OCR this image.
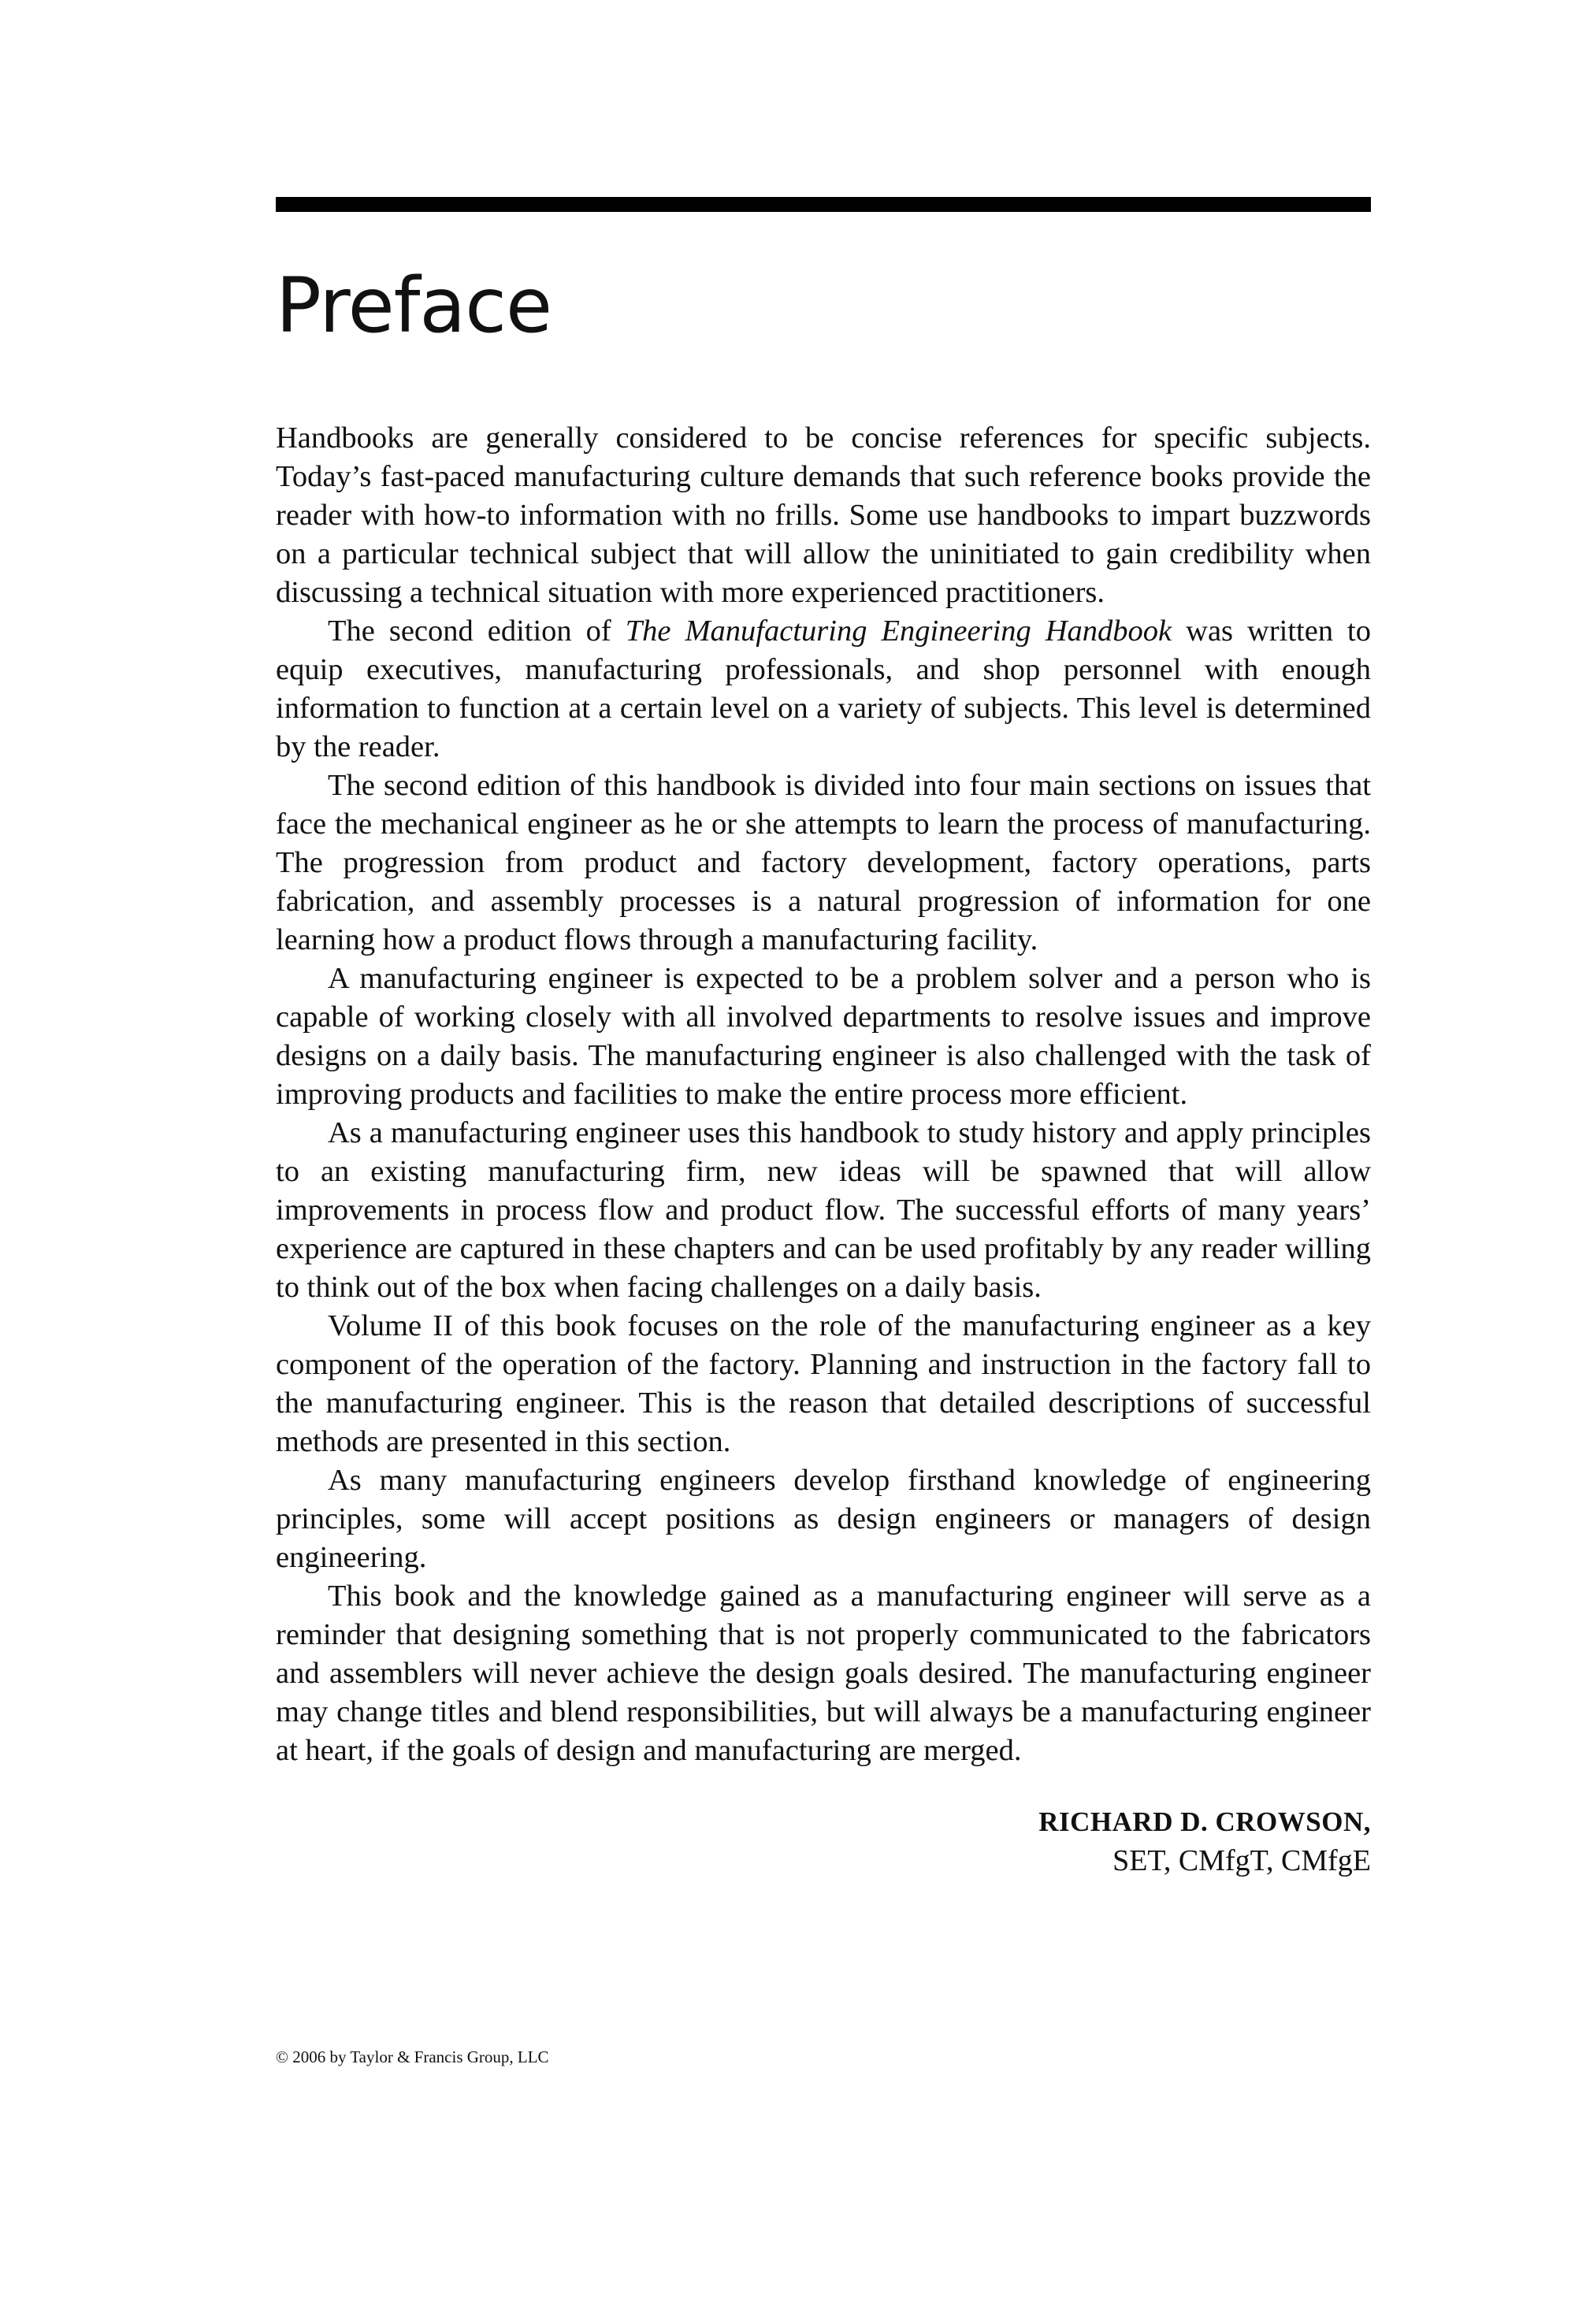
Preface

Handbooks are generally considered to be concise references for specific subjects. Today’s fast-paced manufacturing culture demands that such reference books provide the reader with how-to information with no frills. Some use handbooks to impart buzzwords on a particular technical subject that will allow the uninitiated to gain credibility when discussing a technical situation with more experienced practitioners.

The second edition of The Manufacturing Engineering Handbook was written to equip executives, manufacturing professionals, and shop personnel with enough information to function at a certain level on a variety of subjects. This level is determined by the reader.

The second edition of this handbook is divided into four main sections on issues that face the mechanical engineer as he or she attempts to learn the process of manufacturing. The progression from product and factory development, factory operations, parts fabrication, and assembly processes is a natural progression of information for one learning how a product flows through a manufacturing facility.

A manufacturing engineer is expected to be a problem solver and a person who is capable of working closely with all involved departments to resolve issues and improve designs on a daily basis. The manufacturing engineer is also challenged with the task of improving products and facilities to make the entire process more efficient.

As a manufacturing engineer uses this handbook to study history and apply principles to an existing manufacturing firm, new ideas will be spawned that will allow improvements in process flow and product flow. The successful efforts of many years’ experience are captured in these chapters and can be used profitably by any reader willing to think out of the box when facing challenges on a daily basis.

Volume II of this book focuses on the role of the manufacturing engineer as a key component of the operation of the factory. Planning and instruction in the factory fall to the manufacturing engineer. This is the reason that detailed descriptions of successful methods are presented in this section.

As many manufacturing engineers develop firsthand knowledge of engineering principles, some will accept positions as design engineers or managers of design engineering.

This book and the knowledge gained as a manufacturing engineer will serve as a reminder that designing something that is not properly communicated to the fabricators and assemblers will never achieve the design goals desired. The manufacturing engineer may change titles and blend responsibilities, but will always be a manufacturing engineer at heart, if the goals of design and manufacturing are merged.

RICHARD D. CROWSON,
SET, CMfgT, CMfgE
© 2006 by Taylor & Francis Group, LLC
